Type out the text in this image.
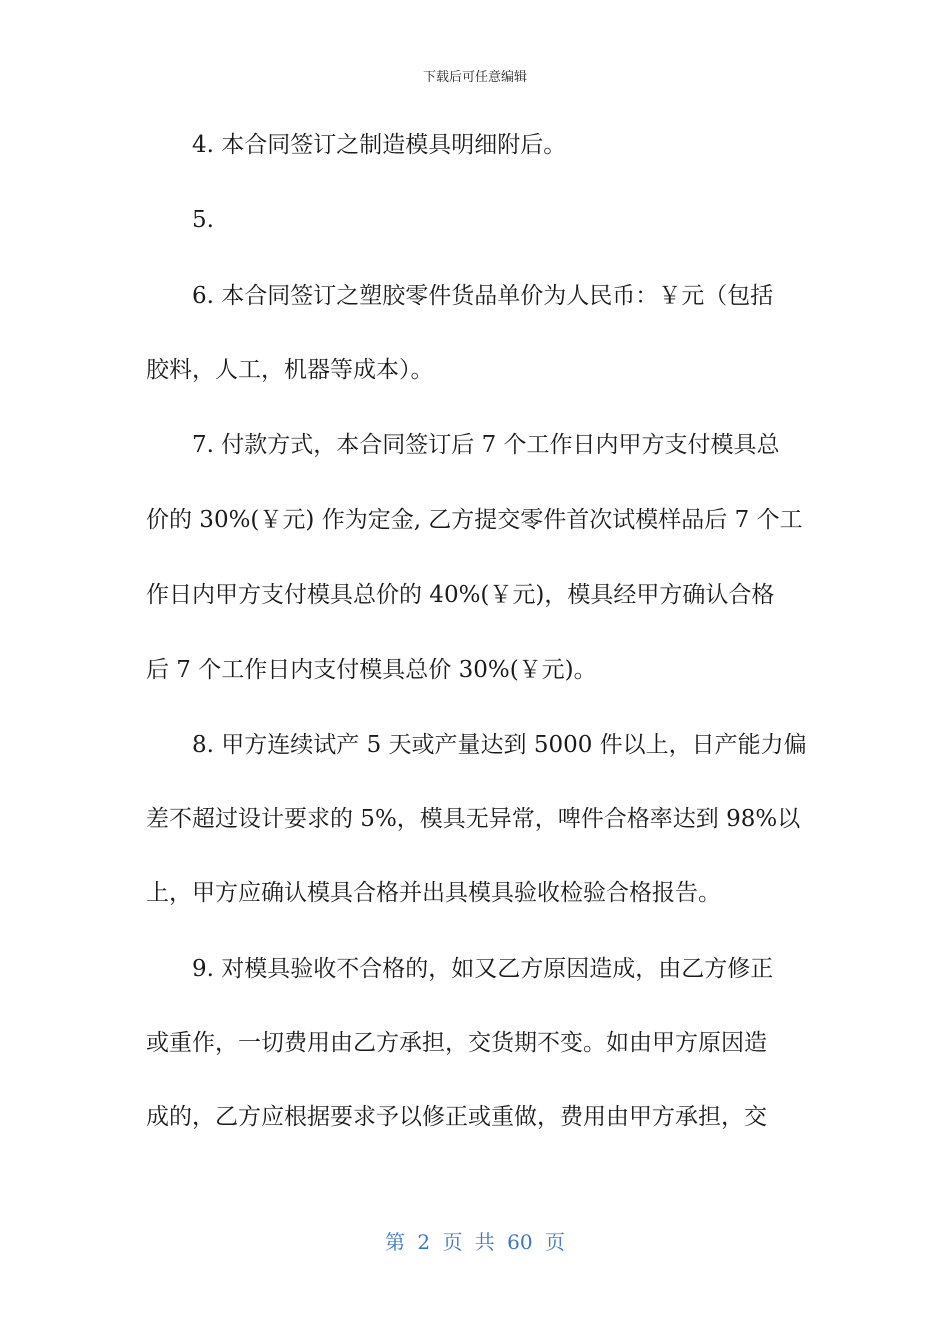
下载后可任意编辑
4. 本合同签订之制造模具明细附后。
5.
6. 本合同签订之塑胶零件货品单价为人民币：￥元（包括
胶料，人工，机器等成本）。
7. 付款方式，本合同签订后 7 个工作日内甲方支付模具总
价的 30%(￥元) 作为定金, 乙方提交零件首次试模样品后 7 个工
作日内甲方支付模具总价的 40%(￥元)，模具经甲方确认合格
后 7 个工作日内支付模具总价 30%(￥元)。
8. 甲方连续试产 5 天或产量达到 5000 件以上，日产能力偏
差不超过设计要求的 5%，模具无异常，啤件合格率达到 98%以
上，甲方应确认模具合格并出具模具验收检验合格报告。
9. 对模具验收不合格的，如又乙方原因造成，由乙方修正
或重作，一切费用由乙方承担，交货期不变。如由甲方原因造
成的，乙方应根据要求予以修正或重做，费用由甲方承担，交
第 2 页 共 60 页
